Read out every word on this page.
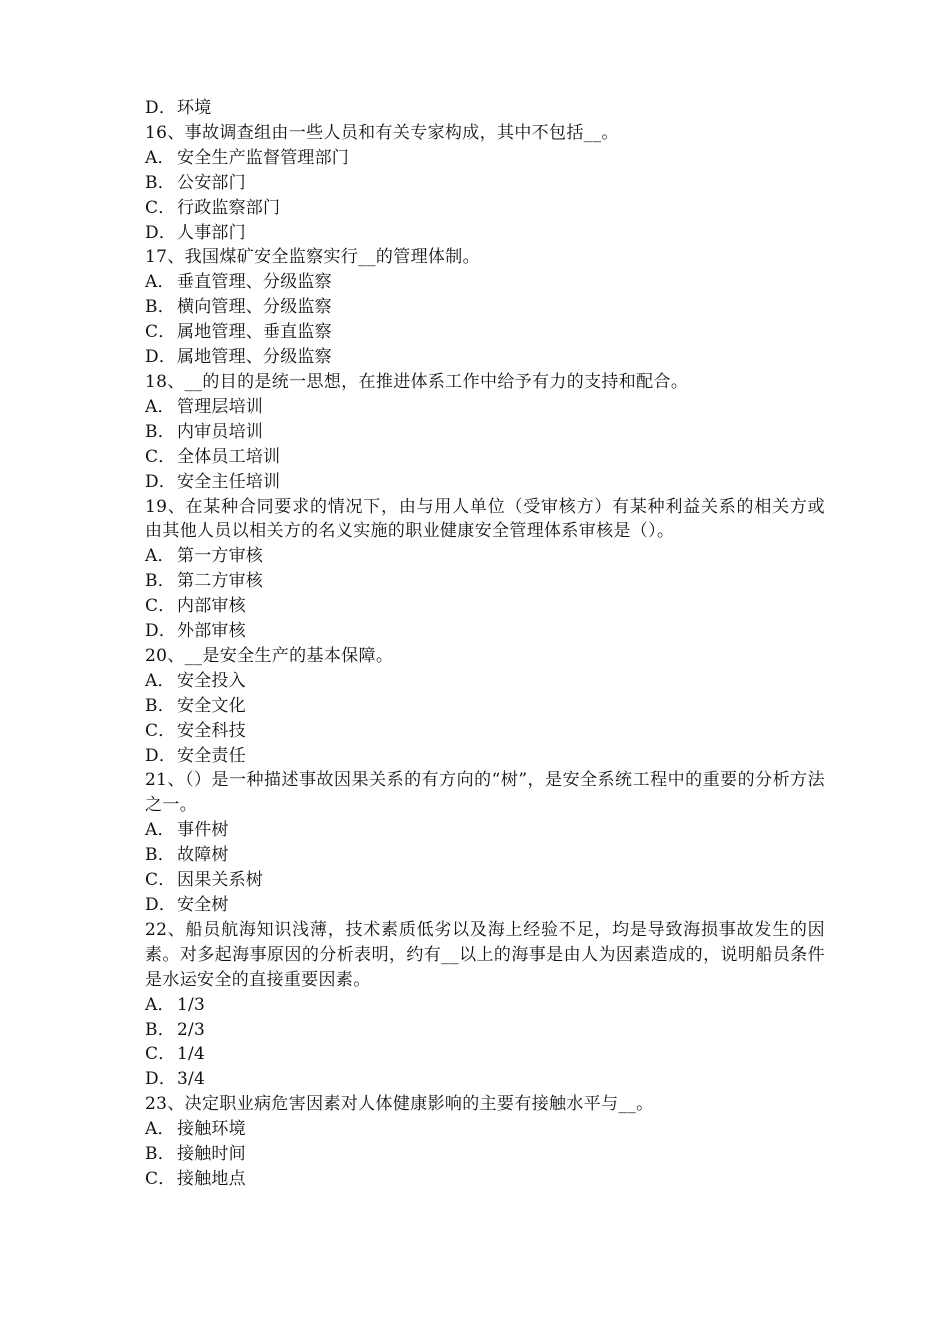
D．环境
16、事故调查组由一些人员和有关专家构成，其中不包括__。
A． 安全生产监督管理部门
B． 公安部门
C．行政监察部门
D．人事部门
17、我国煤矿安全监察实行__的管理体制。
A． 垂直管理、分级监察
B． 横向管理、分级监察
C．属地管理、垂直监察
D．属地管理、分级监察
18、__的目的是统一思想，在推进体系工作中给予有力的支持和配合。
A． 管理层培训
B． 内审员培训
C．全体员工培训
D．安全主任培训
19、在某种合同要求的情况下，由与用人单位（受审核方）有某种利益关系的相关方或由其他人员以相关方的名义实施的职业健康安全管理体系审核是（）。
A． 第一方审核
B． 第二方审核
C．内部审核
D．外部审核
20、__是安全生产的基本保障。
A． 安全投入
B． 安全文化
C．安全科技
D．安全责任
21、（）是一种描述事故因果关系的有方向的“树”，是安全系统工程中的重要的分析方法之一。
A． 事件树
B． 故障树
C．因果关系树
D．安全树
22、船员航海知识浅薄，技术素质低劣以及海上经验不足，均是导致海损事故发生的因素。对多起海事原因的分析表明，约有__以上的海事是由人为因素造成的，说明船员条件是水运安全的直接重要因素。
A． 1/3
B． 2/3
C．1/4
D．3/4
23、决定职业病危害因素对人体健康影响的主要有接触水平与__。
A． 接触环境
B． 接触时间
C．接触地点
